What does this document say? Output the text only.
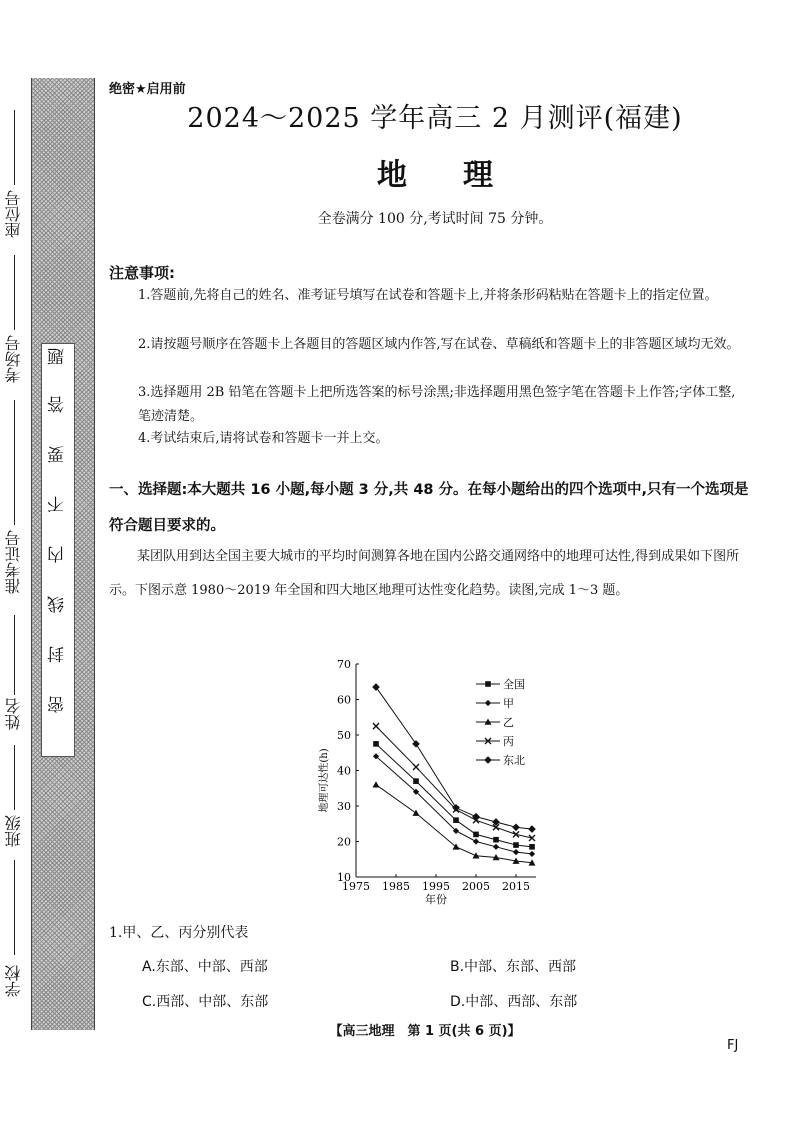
密
封
线
内
不
要
答
题
座位号
考场号
准考证号
姓名
班级
学校
绝密★启用前
2024～2025 学年高三 2 月测评(福建)
地 理
全卷满分 100 分,考试时间 75 分钟。
注意事项:
1.答题前,先将自己的姓名、准考证号填写在试卷和答题卡上,并将条形码粘贴在答题卡上的指定位置。
2.请按题号顺序在答题卡上各题目的答题区域内作答,写在试卷、草稿纸和答题卡上的非答题区域均无效。
3.选择题用 2B 铅笔在答题卡上把所选答案的标号涂黑;非选择题用黑色签字笔在答题卡上作答;字体工整,笔迹清楚。
4.考试结束后,请将试卷和答题卡一并上交。
一、选择题:本大题共 16 小题,每小题 3 分,共 48 分。在每小题给出的四个选项中,只有一个选项是符合题目要求的。
某团队用到达全国主要大城市的平均时间测算各地在国内公路交通网络中的地理可达性,得到成果如下图所示。下图示意 1980～2019 年全国和四大地区地理可达性变化趋势。读图,完成 1～3 题。
10
20
30
40
50
60
70
1975 1985 1995 2005 2015
年份
地理可达性(h)
全国
甲
乙
丙
东北
1.甲、乙、丙分别代表
A.东部、中部、西部	B.中部、东部、西部
C.西部、中部、东部	D.中部、西部、东部
【高三地理　第 1 页(共 6 页)】
FJ
